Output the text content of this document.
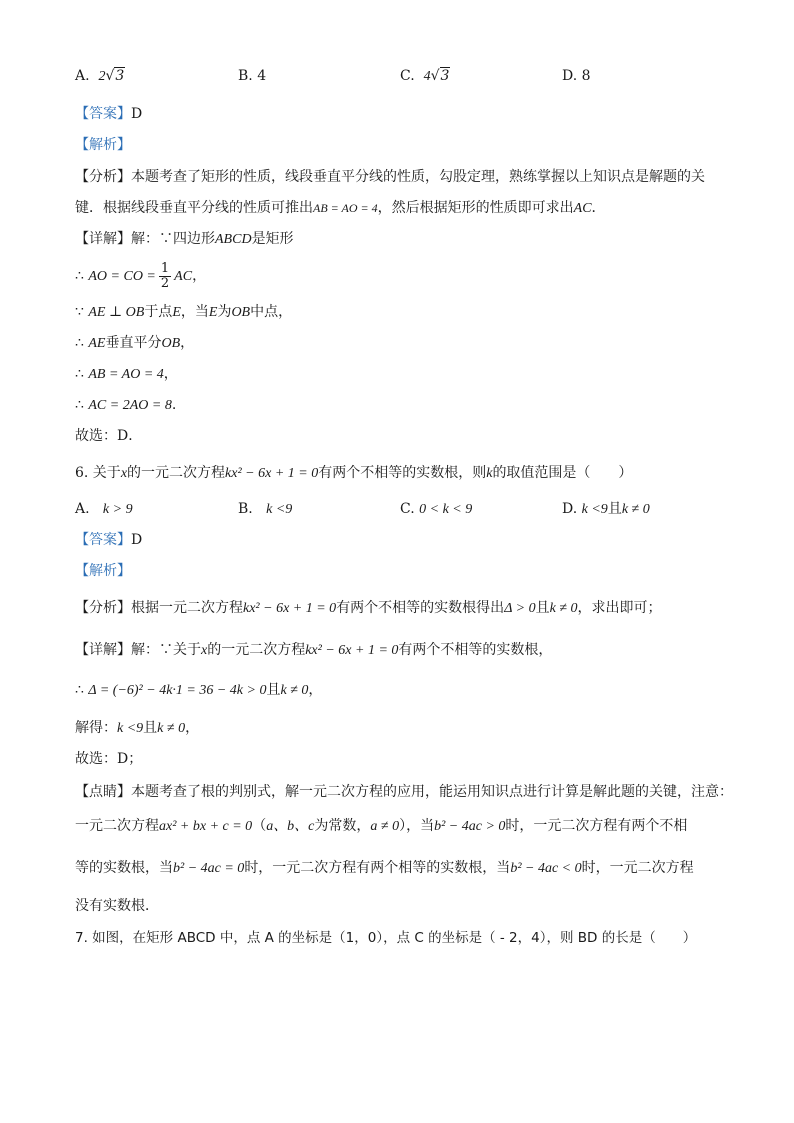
A. 2√3	B. 4	C. 4√3	D. 8
【答案】D
【解析】
【分析】本题考查了矩形的性质，线段垂直平分线的性质，勾股定理，熟练掌握以上知识点是解题的关
键．根据线段垂直平分线的性质可推出AB = AO = 4，然后根据矩形的性质即可求出AC．
【详解】解：∵四边形ABCD是矩形
∴ AO = CO = $\frac{1}{2}$ AC，
∵ AE ⊥ OB于点E，当E为OB中点，
∴ AE垂直平分OB，
∴ AB = AO = 4，
∴ AC = 2AO = 8.
故选：D．
6. 关于x的一元二次方程kx² − 6x + 1 = 0有两个不相等的实数根，则k的取值范围是（　　）
A. k > 9	B. k <9	C. 0 < k < 9	D. k <9且k ≠ 0
【答案】D
【解析】
【分析】根据一元二次方程kx² − 6x + 1 = 0有两个不相等的实数根得出Δ > 0且k ≠ 0，求出即可；
【详解】解：∵关于x的一元二次方程kx² − 6x + 1 = 0有两个不相等的实数根，
∴ Δ = (−6)² − 4k·1 = 36 − 4k > 0且k ≠ 0，
解得：k <9且k ≠ 0，
故选：D；
【点睛】本题考查了根的判别式，解一元二次方程的应用，能运用知识点进行计算是解此题的关键，注意：
一元二次方程ax² + bx + c = 0（a、b、c为常数，a ≠ 0），当b² − 4ac > 0时，一元二次方程有两个不相
等的实数根，当b² − 4ac = 0时，一元二次方程有两个相等的实数根，当b² − 4ac < 0时，一元二次方程
没有实数根．
7. 如图，在矩形 ABCD 中，点 A 的坐标是（1，0），点 C 的坐标是（ - 2，4），则 BD 的长是（　　）
